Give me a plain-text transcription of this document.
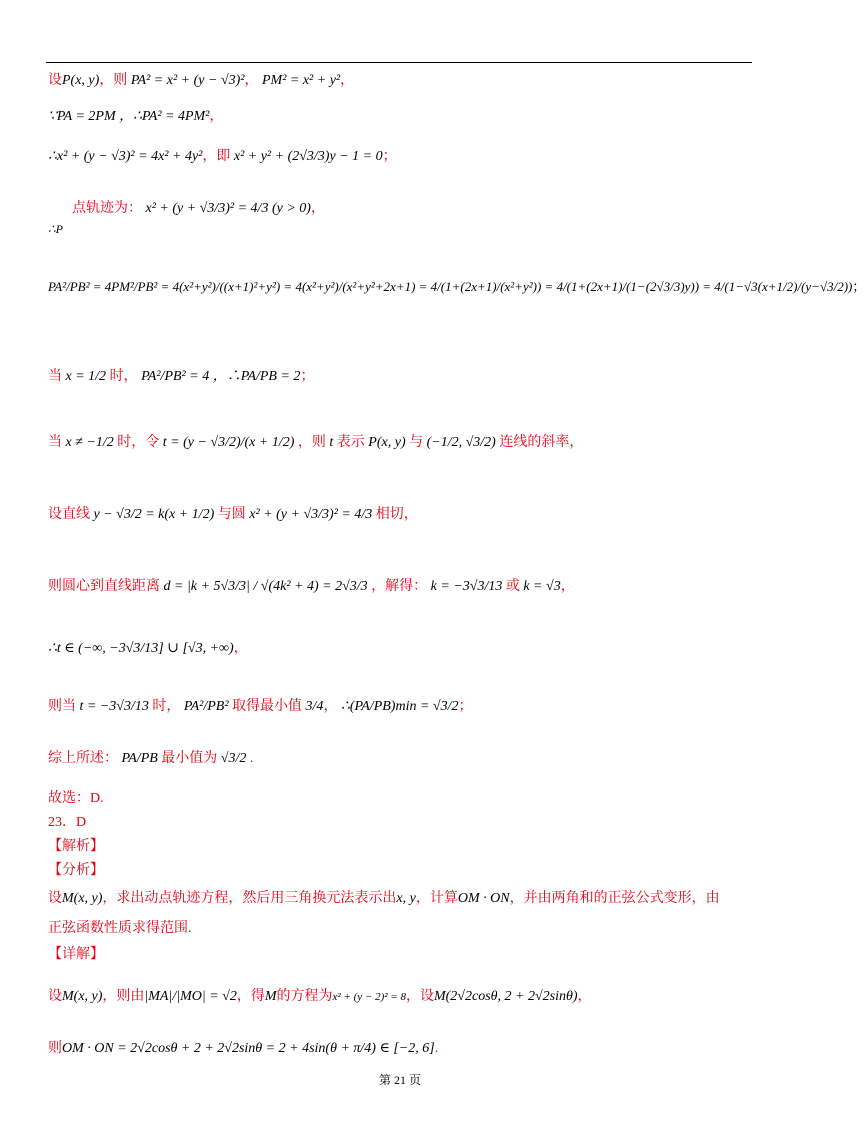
设P(x, y)，则 PA² = x² + (y − √3)²， PM² = x² + y²，
∵PA = 2PM ，∴PA² = 4PM²，
∴x² + (y − √3)² = 4x² + 4y²，即 x² + y² + (2√3/3)y − 1 = 0；
点轨迹为： x² + (y + √3/3)² = 4/3 (y > 0)，
∴P
PA²/PB² = 4PM²/PB² = 4(x²+y²)/((x+1)²+y²) = 4(x²+y²)/(x²+y²+2x+1) = 4/(1+(2x+1)/(x²+y²)) = 4/(1+(2x+1)/(1−(2√3/3)y)) = 4/(1−√3(x+1/2)/(y−√3/2))；
当 x = 1/2 时， PA²/PB² = 4 ，∴PA/PB = 2；
当 x ≠ −1/2 时，令 t = (y − √3/2)/(x + 1/2) ，则 t 表示 P(x, y) 与 (−1/2, √3/2) 连线的斜率，
设直线 y − √3/2 = k(x + 1/2) 与圆 x² + (y + √3/3)² = 4/3 相切，
则圆心到直线距离 d = |k + 5√3/3| / √(4k² + 4) = 2√3/3 ，解得： k = −3√3/13 或 k = √3，
∴t ∈ (−∞, −3√3/13] ∪ [√3, +∞)，
则当 t = −3√3/13 时， PA²/PB² 取得最小值 3/4， ∴(PA/PB)min = √3/2；
综上所述： PA/PB 最小值为 √3/2 .
故选：D.
23．D
【解析】
【分析】
设M(x, y)，求出动点轨迹方程，然后用三角换元法表示出x, y，计算OM · ON，并由两角和的正弦公式变形，由
正弦函数性质求得范围.
【详解】
设M(x, y)，则由|MA|/|MO| = √2，得M的方程为x² + (y − 2)² = 8，设M(2√2cosθ, 2 + 2√2sinθ)，
则OM · ON = 2√2cosθ + 2 + 2√2sinθ = 2 + 4sin(θ + π/4) ∈ [−2, 6].
第 21 页
